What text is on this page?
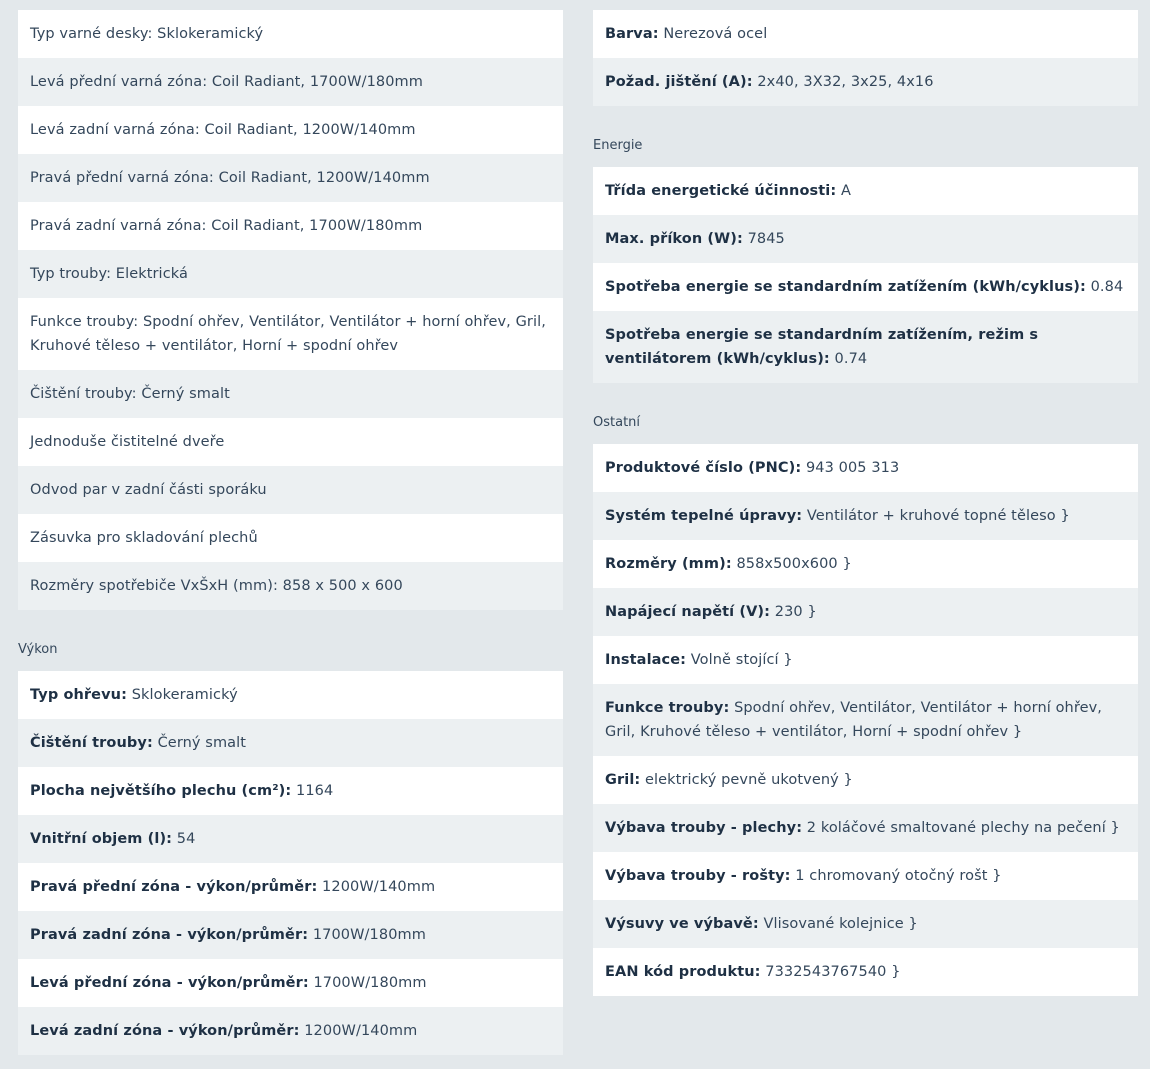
Typ varné desky: Sklokeramický
Levá přední varná zóna: Coil Radiant, 1700W/180mm
Levá zadní varná zóna: Coil Radiant, 1200W/140mm
Pravá přední varná zóna: Coil Radiant, 1200W/140mm
Pravá zadní varná zóna: Coil Radiant, 1700W/180mm
Typ trouby: Elektrická
Funkce trouby: Spodní ohřev, Ventilátor, Ventilátor + horní ohřev, Gril, Kruhové těleso + ventilátor, Horní + spodní ohřev
Čištění trouby: Černý smalt
Jednoduše čistitelné dveře
Odvod par v zadní části sporáku
Zásuvka pro skladování plechů
Rozměry spotřebiče VxŠxH (mm): 858 x 500 x 600
Výkon
Typ ohřevu: Sklokeramický
Čištění trouby: Černý smalt
Plocha největšího plechu (cm²): 1164
Vnitřní objem (l): 54
Pravá přední zóna - výkon/průměr: 1200W/140mm
Pravá zadní zóna - výkon/průměr: 1700W/180mm
Levá přední zóna - výkon/průměr: 1700W/180mm
Levá zadní zóna - výkon/průměr: 1200W/140mm
Barva: Nerezová ocel
Požad. jištění (A): 2x40, 3X32, 3x25, 4x16
Energie
Třída energetické účinnosti: A
Max. příkon (W): 7845
Spotřeba energie se standardním zatížením (kWh/cyklus): 0.84
Spotřeba energie se standardním zatížením, režim s ventilátorem (kWh/cyklus): 0.74
Ostatní
Produktové číslo (PNC): 943 005 313
Systém tepelné úpravy: Ventilátor + kruhové topné těleso }
Rozměry (mm): 858x500x600 }
Napájecí napětí (V): 230 }
Instalace: Volně stojící }
Funkce trouby: Spodní ohřev, Ventilátor, Ventilátor + horní ohřev, Gril, Kruhové těleso + ventilátor, Horní + spodní ohřev }
Gril: elektrický pevně ukotvený }
Výbava trouby - plechy: 2 koláčové smaltované plechy na pečení }
Výbava trouby - rošty: 1 chromovaný otočný rošt }
Výsuvy ve výbavě: Vlisované kolejnice }
EAN kód produktu: 7332543767540 }
